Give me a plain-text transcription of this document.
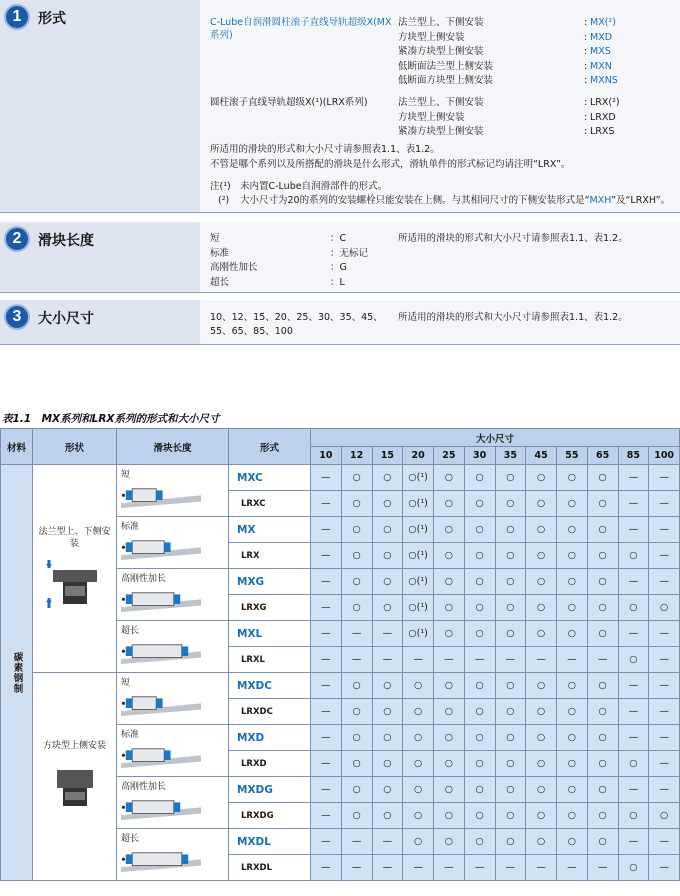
1	形式	C-Lube自润滑圆柱滚子直线导轨超级X(MX系列)
法兰型上、下侧安装	: MX(²)
方块型上侧安装	: MXD
紧凑方块型上侧安装	: MXS
低断面法兰型上侧安装	: MXN
低断面方块型上侧安装	: MXNS
圆柱滚子直线导轨超级X(¹)(LRX系列)	法兰型上、下侧安装	: LRX(²)
方块型上侧安装	: LRXD
紧凑方块型上侧安装	: LRXS
所适用的滑块的形式和大小尺寸请参照表1.1、表1.2。
不管是哪个系列以及所搭配的滑块是什么形式，滑轨单件的形式标记均请注明“LRX”。
注(¹) 未内置C-Lube自润滑部件的形式。
(²) 大小尺寸为20的系列的安装螺栓只能安装在上侧。与其相同尺寸的下侧安装形式是“MXH”及“LRXH”。
2	滑块长度	短	：C
标准	：无标记
高刚性加长	：G
超长	：L
所适用的滑块的形式和大小尺寸请参照表1.1、表1.2。
3	大小尺寸	10、12、15、20、25、30、35、45、
55、65、85、100
所适用的滑块的形式和大小尺寸请参照表1.1、表1.2。
表1.1　MX系列和LRX系列的形式和大小尺寸
材料	形状	滑块长度	形式	大小尺寸											
				10	12	15	20	25	30	35	45	55	65	85	100
碳素钢制	法兰型上、下侧安装	短	MXC	—	○	○	○(¹)	○	○	○	○	○	○	—	—
			LRXC	—	○	○	○(¹)	○	○	○	○	○	○	—	—

		标准	MX	—	○	○	○(¹)	○	○	○	○	○	○	—	—
			LRX	—	○	○	○(¹)	○	○	○	○	○	○	○	—

		高刚性加长	MXG	—	○	○	○(¹)	○	○	○	○	○	○	—	—
			LRXG	—	○	○	○(¹)	○	○	○	○	○	○	○	○

		超长	MXL	—	—	—	○(¹)	○	○	○	○	○	○	—	—
			LRXL	—	—	—	—	—	—	—	—	—	—	○	—

	方块型上侧安装	短	MXDC	—	○	○	○	○	○	○	○	○	○	—	—
			LRXDC	—	○	○	○	○	○	○	○	○	○	—	—

		标准	MXD	—	○	○	○	○	○	○	○	○	○	—	—
			LRXD	—	○	○	○	○	○	○	○	○	○	○	—

		高刚性加长	MXDG	—	○	○	○	○	○	○	○	○	○	—	—
			LRXDG	—	○	○	○	○	○	○	○	○	○	○	○

		超长	MXDL	—	—	—	○	○	○	○	○	○	○	—	—
			LRXDL	—	—	—	—	—	—	—	—	—	—	○	—
